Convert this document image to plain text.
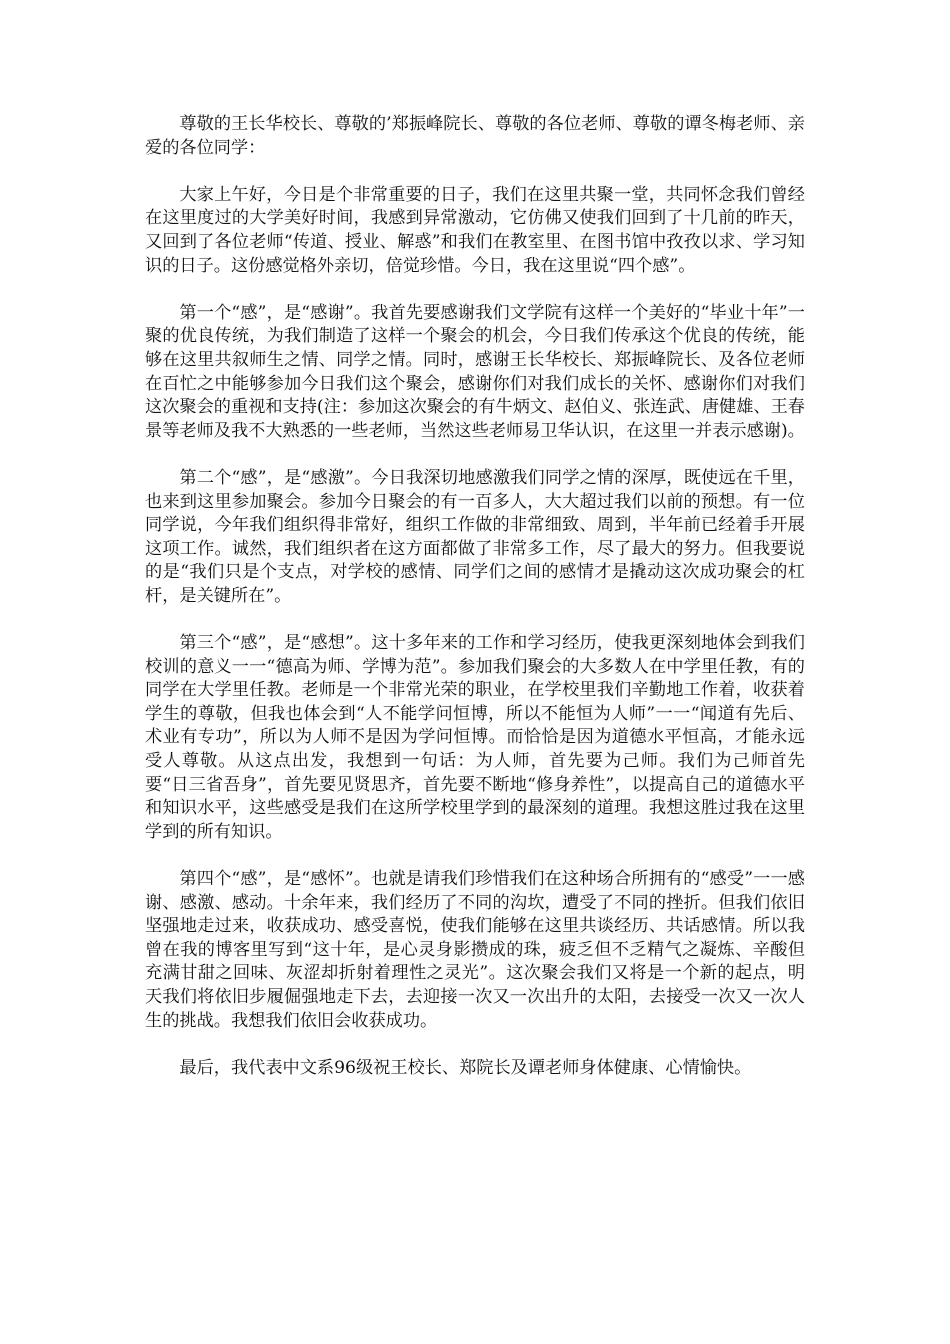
尊敬的王长华校长、尊敬的’郑振峰院长、尊敬的各位老师、尊敬的谭冬梅老师、亲爱的各位同学：

大家上午好，今日是个非常重要的日子，我们在这里共聚一堂，共同怀念我们曾经在这里度过的大学美好时间，我感到异常激动，它仿佛又使我们回到了十几前的昨天，又回到了各位老师“传道、授业、解惑”和我们在教室里、在图书馆中孜孜以求、学习知识的日子。这份感觉格外亲切，倍觉珍惜。今日，我在这里说“四个感”。

第一个“感”，是“感谢”。我首先要感谢我们文学院有这样一个美好的“毕业十年”一聚的优良传统，为我们制造了这样一个聚会的机会，今日我们传承这个优良的传统，能够在这里共叙师生之情、同学之情。同时，感谢王长华校长、郑振峰院长、及各位老师在百忙之中能够参加今日我们这个聚会，感谢你们对我们成长的关怀、感谢你们对我们这次聚会的重视和支持(注：参加这次聚会的有牛炳文、赵伯义、张连武、唐健雄、王春景等老师及我不大熟悉的一些老师，当然这些老师易卫华认识，在这里一并表示感谢)。

第二个“感”，是“感激”。今日我深切地感激我们同学之情的深厚，既使远在千里，也来到这里参加聚会。参加今日聚会的有一百多人，大大超过我们以前的预想。有一位同学说，今年我们组织得非常好，组织工作做的非常细致、周到，半年前已经着手开展这项工作。诚然，我们组织者在这方面都做了非常多工作，尽了最大的努力。但我要说的是“我们只是个支点，对学校的感情、同学们之间的感情才是撬动这次成功聚会的杠杆，是关键所在”。

第三个“感”，是“感想”。这十多年来的工作和学习经历，使我更深刻地体会到我们校训的意义一一“德高为师、学博为范”。参加我们聚会的大多数人在中学里任教，有的同学在大学里任教。老师是一个非常光荣的职业，在学校里我们辛勤地工作着，收获着学生的尊敬，但我也体会到“人不能学问恒博，所以不能恒为人师”一一“闻道有先后、术业有专功”，所以为人师不是因为学问恒博。而恰恰是因为道德水平恒高，才能永远受人尊敬。从这点出发，我想到一句话：为人师，首先要为己师。我们为己师首先要“日三省吾身”，首先要见贤思齐，首先要不断地“修身养性”，以提高自己的道德水平和知识水平，这些感受是我们在这所学校里学到的最深刻的道理。我想这胜过我在这里学到的所有知识。

第四个“感”，是“感怀”。也就是请我们珍惜我们在这种场合所拥有的“感受”一一感谢、感激、感动。十余年来，我们经历了不同的沟坎，遭受了不同的挫折。但我们依旧坚强地走过来，收获成功、感受喜悦，使我们能够在这里共谈经历、共话感情。所以我曾在我的博客里写到“这十年，是心灵身影攒成的珠，疲乏但不乏精气之凝炼、辛酸但充满甘甜之回味、灰涩却折射着理性之灵光”。这次聚会我们又将是一个新的起点，明天我们将依旧步履倔强地走下去，去迎接一次又一次出升的太阳，去接受一次又一次人生的挑战。我想我们依旧会收获成功。

最后，我代表中文系96级祝王校长、郑院长及谭老师身体健康、心情愉快。
